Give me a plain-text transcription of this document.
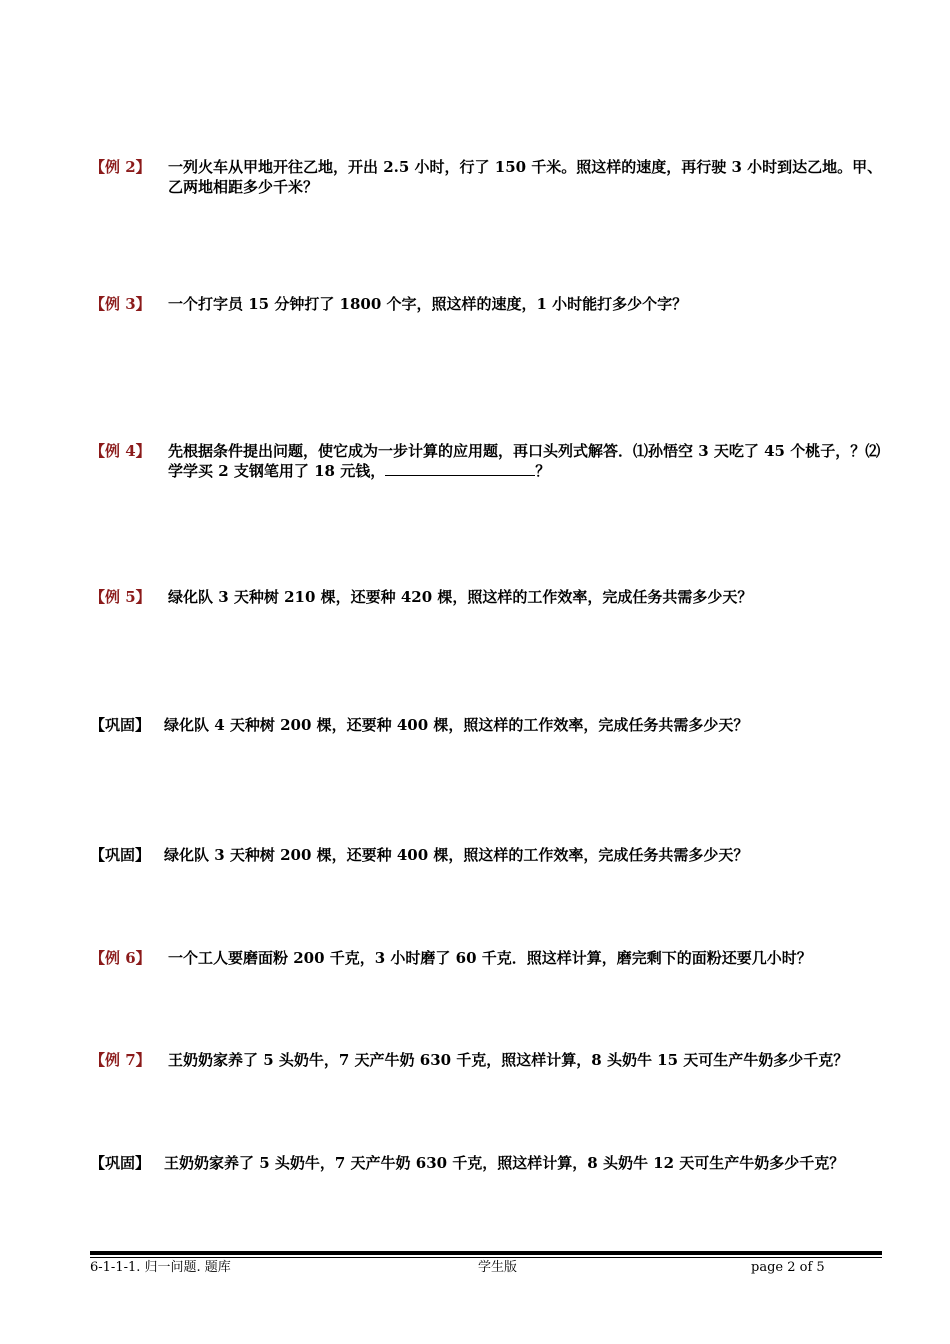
【例 2】 一列火车从甲地开往乙地，开出 2.5 小时，行了 150 千米。照这样的速度，再行驶 3 小时到达乙地。甲、乙两地相距多少千米？
【例 3】 一个打字员 15 分钟打了 1800 个字，照这样的速度，1 小时能打多少个字？
【例 4】 先根据条件提出问题，使它成为一步计算的应用题，再口头列式解答．⑴孙悟空 3 天吃了 45 个桃子，？⑵学学买 2 支钢笔用了 18 元钱，	？
【例 5】 绿化队 3 天种树 210 棵，还要种 420 棵，照这样的工作效率，完成任务共需多少天？
【巩固】 绿化队 4 天种树 200 棵，还要种 400 棵，照这样的工作效率，完成任务共需多少天？
【巩固】 绿化队 3 天种树 200 棵，还要种 400 棵，照这样的工作效率，完成任务共需多少天？
【例 6】 一个工人要磨面粉 200 千克，3 小时磨了 60 千克．照这样计算，磨完剩下的面粉还要几小时？
【例 7】 王奶奶家养了 5 头奶牛，7 天产牛奶 630 千克，照这样计算，8 头奶牛 15 天可生产牛奶多少千克？
【巩固】 王奶奶家养了 5 头奶牛，7 天产牛奶 630 千克，照这样计算，8 头奶牛 12 天可生产牛奶多少千克？
6-1-1-1. 归一问题. 题库	学生版	page 2 of 5
